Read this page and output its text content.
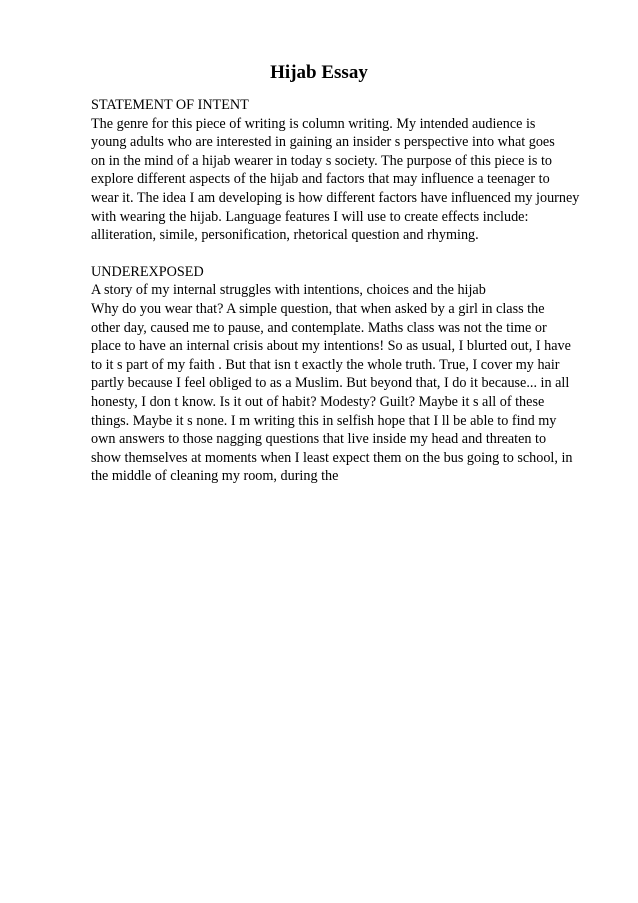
Hijab Essay
STATEMENT OF INTENT
The genre for this piece of writing is column writing. My intended audience is
young adults who are interested in gaining an insider s perspective into what goes
on in the mind of a hijab wearer in today s society. The purpose of this piece is to
explore different aspects of the hijab and factors that may influence a teenager to
wear it. The idea I am developing is how different factors have influenced my journey
with wearing the hijab. Language features I will use to create effects include:
alliteration, simile, personification, rhetorical question and rhyming.
UNDEREXPOSED
A story of my internal struggles with intentions, choices and the hijab
Why do you wear that? A simple question, that when asked by a girl in class the
other day, caused me to pause, and contemplate. Maths class was not the time or
place to have an internal crisis about my intentions! So as usual, I blurted out, I have
to it s part of my faith . But that isn t exactly the whole truth. True, I cover my hair
partly because I feel obliged to as a Muslim. But beyond that, I do it because... in all
honesty, I don t know. Is it out of habit? Modesty? Guilt? Maybe it s all of these
things. Maybe it s none. I m writing this in selfish hope that I ll be able to find my
own answers to those nagging questions that live inside my head and threaten to
show themselves at moments when I least expect them on the bus going to school, in
the middle of cleaning my room, during the
